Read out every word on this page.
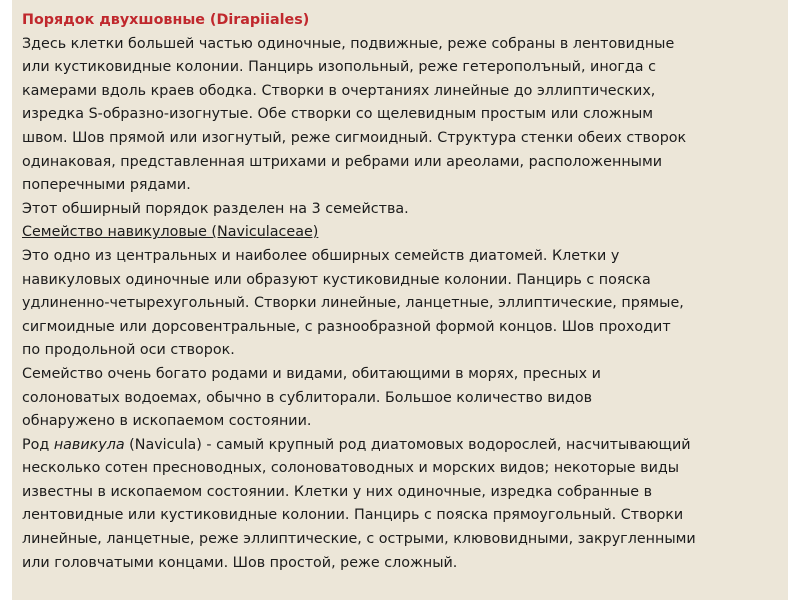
Порядок двухшовные (Dirapiiales)

Здесь клетки большей частью одиночные, подвижные, реже собраны в лентовидные

или кустиковидные колонии. Панцирь изопольный, реже гетерополъный, иногда с

камерами вдоль краев ободка. Створки в очертаниях линейные до эллиптических,

изредка S-образно-изогнутые. Обе створки со щелевидным простым или сложным

швом. Шов прямой или изогнутый, реже сигмоидный. Структура стенки обеих створок

одинаковая, представленная штрихами и ребрами или ареолами, расположенными

поперечными рядами.

Этот обширный порядок разделен на 3 семейства.

Семейство навикуловые (Naviculaceae)

Это одно из центральных и наиболее обширных семейств диатомей. Клетки у

навикуловых одиночные или образуют кустиковидные колонии. Панцирь с пояска

удлиненно-четырехугольный. Створки линейные, ланцетные, эллиптические, прямые,

сигмоидные или дорсовентральные, с разнообразной формой концов. Шов проходит

по продольной оси створок.

Семейство очень богато родами и видами, обитающими в морях, пресных и

солоноватых водоемах, обычно в сублиторали. Большое количество видов

обнаружено в ископаемом состоянии.

Род навикула (Navicula) - самый крупный род диатомовых водорослей, насчитывающий

несколько сотен пресноводных, солоноватоводных и морских видов; некоторые виды

известны в ископаемом состоянии. Клетки у них одиночные, изредка собранные в

лентовидные или кустиковидные колонии. Панцирь с пояска прямоугольный. Створки

линейные, ланцетные, реже эллиптические, с острыми, клювовидными, закругленными

или головчатыми концами. Шов простой, реже сложный.
